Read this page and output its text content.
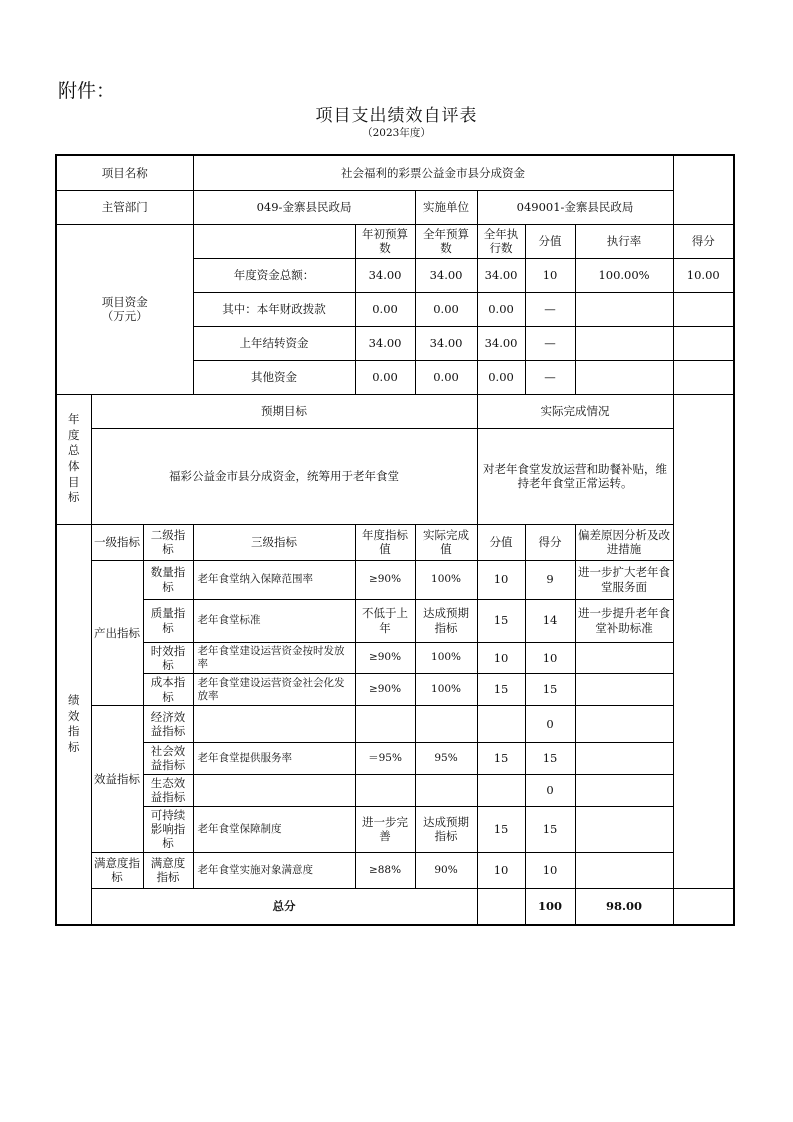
附件：
项目支出绩效自评表
（2023年度）
项目名称			社会福利的彩票公益金市县分成资金						
主管部门			049-金寨县民政局		实施单位	049001-金寨县民政局			
项目资金
（万元）				年初预算数	全年预算数	全年执行数	分值	执行率	得分
			年度资金总额：	34.00	34.00	34.00	10	100.00%	10.00
			其中：本年财政拨款	0.00	0.00	0.00	—		
			上年结转资金	34.00	34.00	34.00	—		
			其他资金	0.00	0.00	0.00	—		

年度总体目标	预期目标					实际完成情况			
	福彩公益金市县分成资金，统筹用于老年食堂					对老年食堂发放运营和助餐补贴，维持老年食堂正常运转。			

绩效指标	一级指标	二级指标	三级指标	年度指标值	实际完成值	分值	得分	偏差原因分析及改进措施	
	产出指标	数量指标	老年食堂纳入保障范围率	≥90%	100%	10	9	进一步扩大老年食堂服务面	
		质量指标	老年食堂标准	不低于上年	达成预期指标	15	14	进一步提升老年食堂补助标准	
		时效指标	老年食堂建设运营资金按时发放率	≥90%	100%	10	10		
		成本指标	老年食堂建设运营资金社会化发放率	≥90%	100%	15	15		
	效益指标	经济效益指标					0		
		社会效益指标	老年食堂提供服务率	＝95%	95%	15	15		
		生态效益指标					0		
		可持续影响指标	老年食堂保障制度	进一步完善	达成预期指标	15	15		
	满意度指标	满意度指标	老年食堂实施对象满意度	≥88%	90%	10	10		
	总分						100	98.00	
